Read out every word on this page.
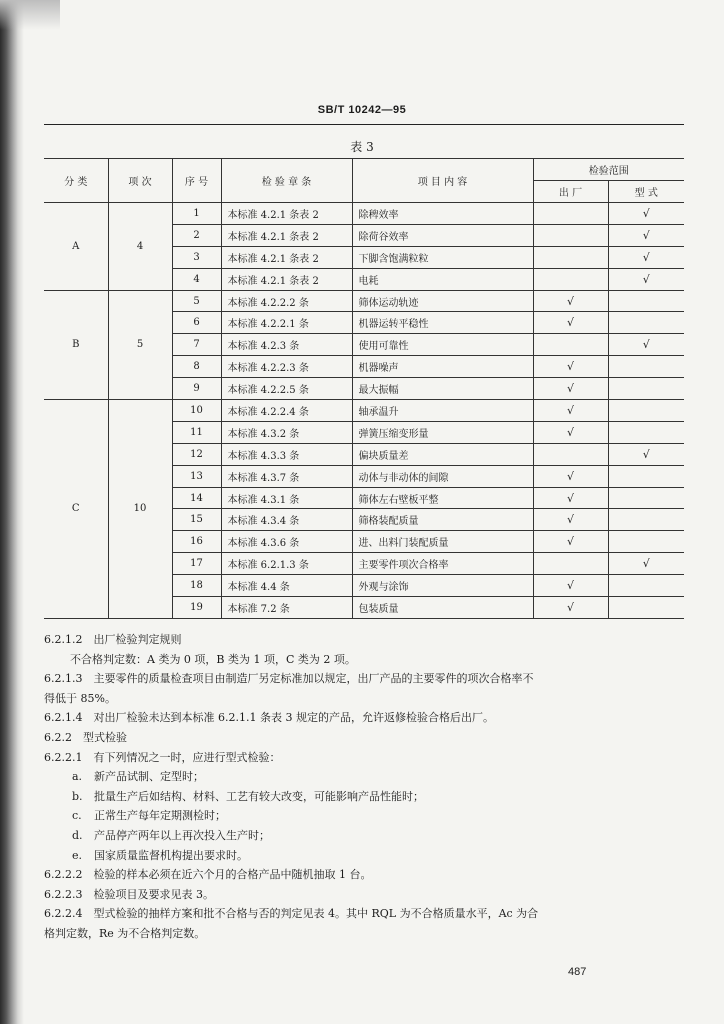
SB/T 10242—95
表 3
分 类	项 次	序 号	检 验 章 条	项 目 内 容	检验范围	
					出 厂	型 式
A	4	1	本标准 4.2.1 条表 2	除稗效率		√
		2	本标准 4.2.1 条表 2	除荷谷效率		√
		3	本标准 4.2.1 条表 2	下脚含饱满粒粒		√
		4	本标准 4.2.1 条表 2	电耗		√
B	5	5	本标准 4.2.2.2 条	筛体运动轨迹	√	
		6	本标准 4.2.2.1 条	机器运转平稳性	√	
		7	本标准 4.2.3 条	使用可靠性		√
		8	本标准 4.2.2.3 条	机器噪声	√	
		9	本标准 4.2.2.5 条	最大振幅	√	
C	10	10	本标准 4.2.2.4 条	轴承温升	√	
		11	本标准 4.3.2 条	弹簧压缩变形量	√	
		12	本标准 4.3.3 条	偏块质量差		√
		13	本标准 4.3.7 条	动体与非动体的间隙	√	
		14	本标准 4.3.1 条	筛体左右壁板平整	√	
		15	本标准 4.3.4 条	筛格装配质量	√	
		16	本标准 4.3.6 条	进、出料门装配质量	√	
		17	本标准 6.2.1.3 条	主要零件项次合格率		√
		18	本标准 4.4 条	外观与涂饰	√	
		19	本标准 7.2 条	包装质量	√	

6.2.1.2　出厂检验判定规则

不合格判定数：A 类为 0 项，B 类为 1 项，C 类为 2 项。

6.2.1.3　主要零件的质量检查项目由制造厂另定标准加以规定，出厂产品的主要零件的项次合格率不

得低于 85%。

6.2.1.4　对出厂检验未达到本标准 6.2.1.1 条表 3 规定的产品，允许返修检验合格后出厂。

6.2.2　型式检验

6.2.2.1　有下列情况之一时，应进行型式检验：

a. 新产品试制、定型时；

b. 批量生产后如结构、材料、工艺有较大改变，可能影响产品性能时；

c. 正常生产每年定期测检时；

d. 产品停产两年以上再次投入生产时；

e. 国家质量监督机构提出要求时。

6.2.2.2　检验的样本必须在近六个月的合格产品中随机抽取 1 台。

6.2.2.3　检验项目及要求见表 3。

6.2.2.4　型式检验的抽样方案和批不合格与否的判定见表 4。其中 RQL 为不合格质量水平，Ac 为合

格判定数，Re 为不合格判定数。

487
